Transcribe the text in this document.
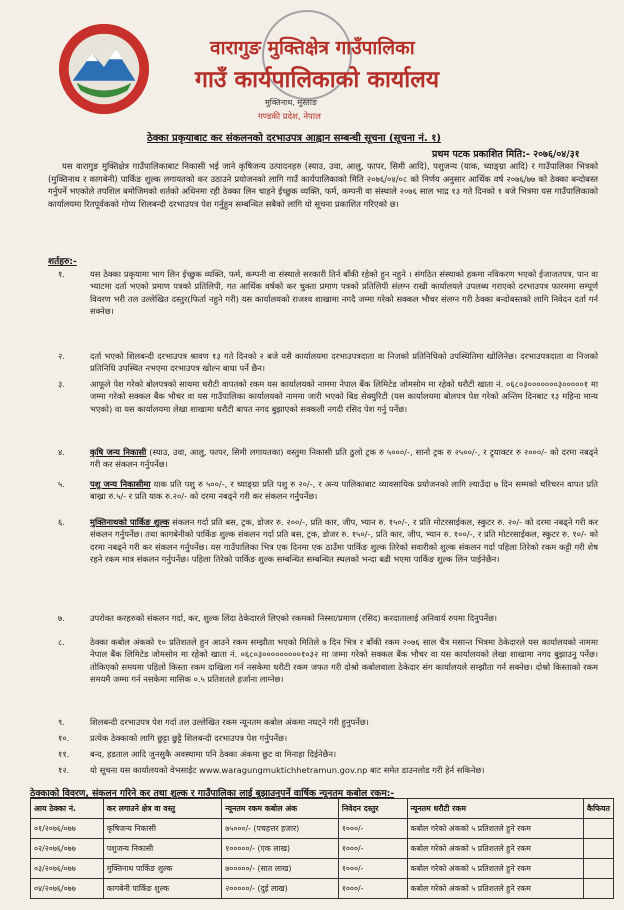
वारागुङ मुक्तिक्षेत्र गाउँपालिका
गाउँ कार्यपालिकाको कार्यालय
मुक्तिनाथ, मुस्ताङ
गण्डकी प्रदेश, नेपाल
ठेक्का प्रकृयाबाट कर संकलनको दरभाउपत्र आह्वान सम्बन्धी सूचना (सूचना नं. १)
प्रथम पटक प्रकाशित मिति:- २०७६/०४/३१
यस वारागुङ मुक्तिक्षेत्र गाउँपालिकाबाट निकासी भई जाने कृषिजन्य उत्पादनहरु (स्याउ, उवा, आलु, फापर, सिमी आदि), पशुजन्य (याक, च्याङ्ग्रा आदि) र गाउँपालिका भित्रको (मुक्तिनाथ र कागबेनी) पार्किङ शुल्क लगायतको कर उठाउने प्रयोजनको लागि गाउँ कार्यपालिकाको मिति २०७६/०४/०८ को निर्णय अनुसार आर्थिक वर्ष २०७६/७७ को ठेक्का बन्दोबस्त गर्नुपर्ने भएकोले तपशिल बमोजिमको शर्तको अधिनमा रही ठेक्का लिन चाहने ईच्छुक व्यक्ति, फर्म, कम्पनी वा संस्थाले २०७६ साल भाद्र १३ गते दिनको १ बजे भित्रमा यस गाउँपालिकाको कार्यालयमा रितपूर्वकको गोप्य शिलबन्दी दरभाउपत्र पेश गर्नुहुन सम्बन्धित सबैको लागि यो सूचना प्रकाशित गरिएको छ।
शर्तहरु:-
१.	यस ठेक्का प्रकृयामा भाग लिन ईच्छुक व्यक्ति, फर्म, कम्पनी वा संस्थाले सरकारी तिर्न बाँकी रहेको हुन नहुने । संगठित संस्थाको हकमा नविकरण भएको ईजाजतपत्र, पान वा भ्याटमा दर्ता भएको प्रमाण पत्रको प्रतिलिपी, गत आर्थिक वर्षको कर चुक्ता प्रमाण पत्रको प्रतिलिपी संलग्न राखी कार्यालयले उपलब्ध गराएको दरभाउपत्र फारममा सम्पूर्ण विवरण भरी तल उल्लेखित दस्तुर(फिर्ता नहुने गरी) यस कार्यालयको राजश्व शाखामा नगदै जम्मा गरेको सक्कल भौचर संलग्न गरी ठेक्का बन्दोबस्तको लागि निवेदन दर्ता गर्न सक्नेछ।
२.	दर्ता भएको शिलबन्दी दरभाउपत्र श्रावण १३ गते दिनको २ बजे यसै कार्यालयमा दरभाउपत्रदाता वा निजको प्रतिनिधिको उपस्थितिमा खोलिनेछ। दरभाउपत्रदाता वा निजको प्रतिनिधि उपस्थित नभएमा दरभाउपत्र खोल्न बाधा पर्ने छैन।
३.	आफूले पेश गरेको बोलपत्रको साथमा धरौटी वापतको रकम यस कार्यालयको नाममा नेपाल बैंक लिमिटेड जोमसोम मा रहेको धरौटी खाता नं. ०६८०३०००००००३०००००१ मा जम्मा गरेको सक्कल बैंक भौचर वा यस गाउँपालिका कार्यालयको नाममा जारी भएको बिड सेक्युरिटी (यस कार्यालयमा बोलपत्र पेश गरेको अन्तिम दिनबाट १३ महिना मान्य भएको) वा यस कार्यालयमा लेखा शाखामा धरौटी बापत नगद बुझाएको सक्कली नगदी रसिद पेश गर्नु पर्नेछ।
४.	कृषि जन्य निकासी (स्याउ, उवा, आलु, फापर, सिमी लगायतका) वस्तुमा निकासी प्रति ठुलो ट्रक रु ५०००/-, सानो ट्रक रु २५००/-, र ट्र्याक्टर रु २०००/- को दरमा नबढ्ने गरी कर संकलन गर्नुपर्नेछ।
५.	पशु जन्य निकासीमा याक प्रति पशु रु ५००/-, र च्याङ्ग्रा प्रति पशु रु २०/-, र अन्य पालिकाबाट व्यावसायिक प्रयोजनको लागि ल्याउँदा ७ दिन सम्मको चरिचरन वापत प्रति बाख्रा रु.५/- र प्रति याक रु.२०/- को दरमा नबढ्ने गरी कर संकलन गर्नुपर्नेछ।
६.	मुक्तिनाथको पार्किङ शुल्क संकलन गर्दा प्रति बस, ट्रक, डोजर रु. २००/-, प्रति कार, जीप, भ्यान रु. १५०/-, र प्रति मोटरसाईकल, स्कुटर रु. २०/- को दरमा नबढ्ने गरी कर संकलन गर्नुपर्नेछ। तथा कागबेनीको पार्किङ शुल्क संकलन गर्दा प्रति बस, ट्रक, डोजर रु. १५०/-, प्रति कार, जीप, भ्यान रु. १००/-, र प्रति मोटरसाईकल, स्कुटर रु. १०/- को दरमा नबढ्ने गरी कर संकलन गर्नुपर्नेछ। यस गाउँपालिका भित्र एक दिनमा एक ठाउँमा पार्किङ शुल्क तिरेको सवारीको शुल्क संकलन गर्दा पहिला तिरेको रकम कट्टी गरी शेष रहने रकम मात्र संकलन गर्नुपर्नेछ। पहिला तिरेको पार्किङ शुल्क सम्बन्धित सम्बन्धित स्थलको भन्दा बढी भएमा पार्किङ शुल्क लिन पाईनेछैन।
७.	उपरोक्त करहरुको संकलन गर्दा, कर, शुल्क लिंदा ठेकेदारले लिएको रकमको निस्सा/प्रमाण (रसिद) करदातालाई अनिवार्य रुपमा दिनुपर्नेछ।
८.	ठेक्का कबोल अंकको १० प्रतिशतले हुन आउने रकम सम्झौता भएको मितिले ७ दिन भित्र र बाँकी रकम २०७६ साल चैत्र मसान्त भित्रमा ठेकेदारले यस कार्यालयको नाममा नेपाल बैंक लिमिटेड जोमसोम मा रहेको खाता नं. ०६८०३०००००००००१०३२ मा जम्मा गरेको सक्कल बैंक भौचर वा यस कार्यालयको लेखा शाखामा नगद बुझाउनु पर्नेछ। तोकिएको समयमा पहिलो किस्ता रकम दाखिला गर्न नसकेमा धरौटी रकम जफत गरी दोश्रो कबोलवाला ठेकेदार संग कार्यालयले सम्झौता गर्न सक्नेछ। दोश्रो किस्ताको रकम समयमै जम्मा गर्न नसकेमा मासिक ०.५ प्रतिशतले हर्जाना लाग्नेछ।
९.	शिलबन्दी दरभाउपत्र पेश गर्दा तल उल्लेखित रकम न्यूनतम कबोल अंकमा नघट्ने गरी हुनुपर्नेछ।
१०.	प्रत्येक ठेक्काको लागि छुट्टा छुट्टै शिलबन्दी दरभाउपत्र पेश गर्नुपर्नेछ।
११.	बन्द, हडताल आदि जुनसुकै अवस्थामा पनि ठेक्का अंकमा छुट वा मिनाहा दिईनेछैन।
१२.	यो सूचना यस कार्यालयको वेभसाईट www.waragungmuktichhetramun.gov.np बाट समेत डाउनलोड गरी हेर्न सकिनेछ।
ठेक्काको विवरण, संकलन गरिने कर तथा शुल्क र गाउँपालिका लाई बुझाउनुपर्ने वार्षिक न्यूनतम कबोल रकम:-
आय ठेक्का नं.	कर लगाउने क्षेत्र वा वस्तु	न्यूनतम रकम कबोल अंक	निवेदन दस्तुर	न्यूनतम धरौटी रकम	कैफियत
०१/२०७६/०७७	कृषिजन्य निकासी	७५०००/- (पचहत्तर हजार)	१०००/-	कबोल गरेको अंकको ५ प्रतिशतले हुने रकम	
०२/२०७६/०७७	पशुजन्य निकासी	१०००००/- (एक लाख)	१०००/-	कबोल गरेको अंकको ५ प्रतिशतले हुने रकम	
०३/२०७६/०७७	मुक्तिनाथ पार्किङ शुल्क	७०००००/- (सात लाख)	१०००/-	कबोल गरेको अंकको ५ प्रतिशतले हुने रकम	
०४/२०७६/०७७	कागबेनी पार्किङ शुल्क	२०००००/- (दुई लाख)	१०००/-	कबोल गरेको अंकको ५ प्रतिशतले हुने रकम	
